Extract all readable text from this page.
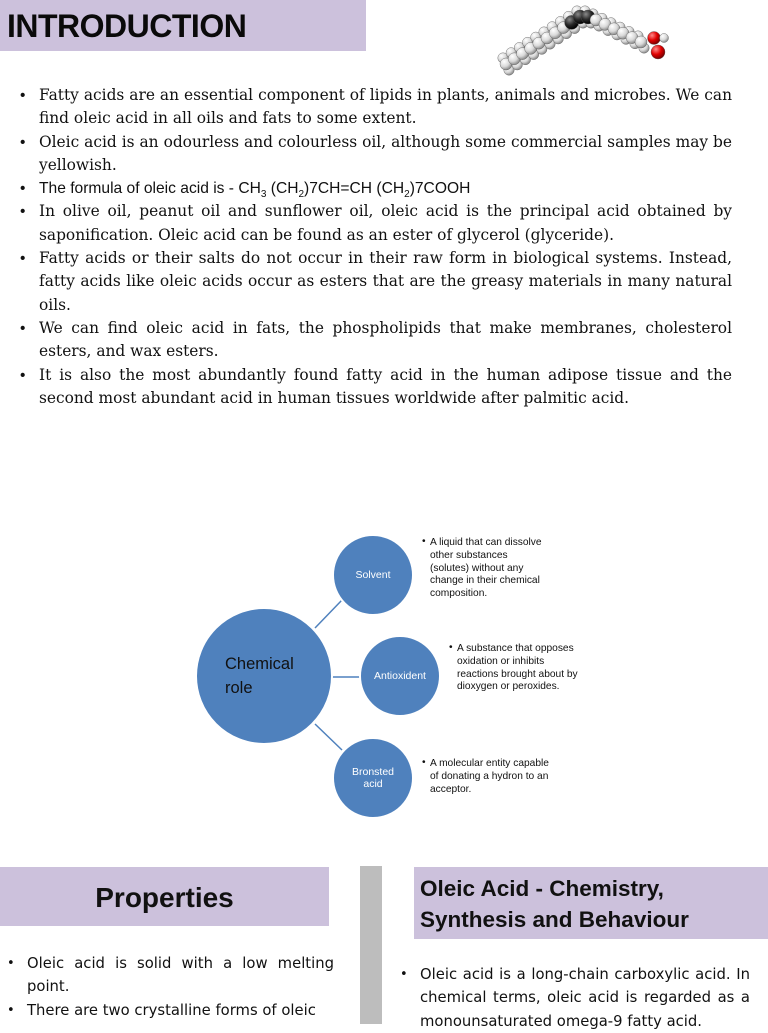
INTRODUCTION
• Fatty acids are an essential component of lipids in plants, animals and microbes. We can find oleic acid in all oils and fats to some extent.
• Oleic acid is an odourless and colourless oil, although some commercial samples may be yellowish.
• The formula of oleic acid is - $CH_3$ $(CH_2)7CH=CH$ $(CH_2)7COOH$
• In olive oil, peanut oil and sunflower oil, oleic acid is the principal acid obtained by saponification. Oleic acid can be found as an ester of glycerol (glyceride).
• Fatty acids or their salts do not occur in their raw form in biological systems. Instead, fatty acids like oleic acids occur as esters that are the greasy materials in many natural oils.
• We can find oleic acid in fats, the phospholipids that make membranes, cholesterol esters, and wax esters.
• It is also the most abundantly found fatty acid in the human adipose tissue and the second most abundant acid in human tissues worldwide after palmitic acid.
Chemical role
Solvent
Antioxident
Bronsted acid
• A liquid that can dissolve other substances (solutes) without any change in their chemical composition.
• A substance that opposes oxidation or inhibits reactions brought about by dioxygen or peroxides.
• A molecular entity capable of donating a hydron to an acceptor.
Properties	Oleic Acid - Chemistry, Synthesis and Behaviour
• Oleic acid is solid with a low melting point.
• There are two crystalline forms of oleic
• Oleic acid is a long-chain carboxylic acid. In chemical terms, oleic acid is regarded as a monounsaturated omega-9 fatty acid.
